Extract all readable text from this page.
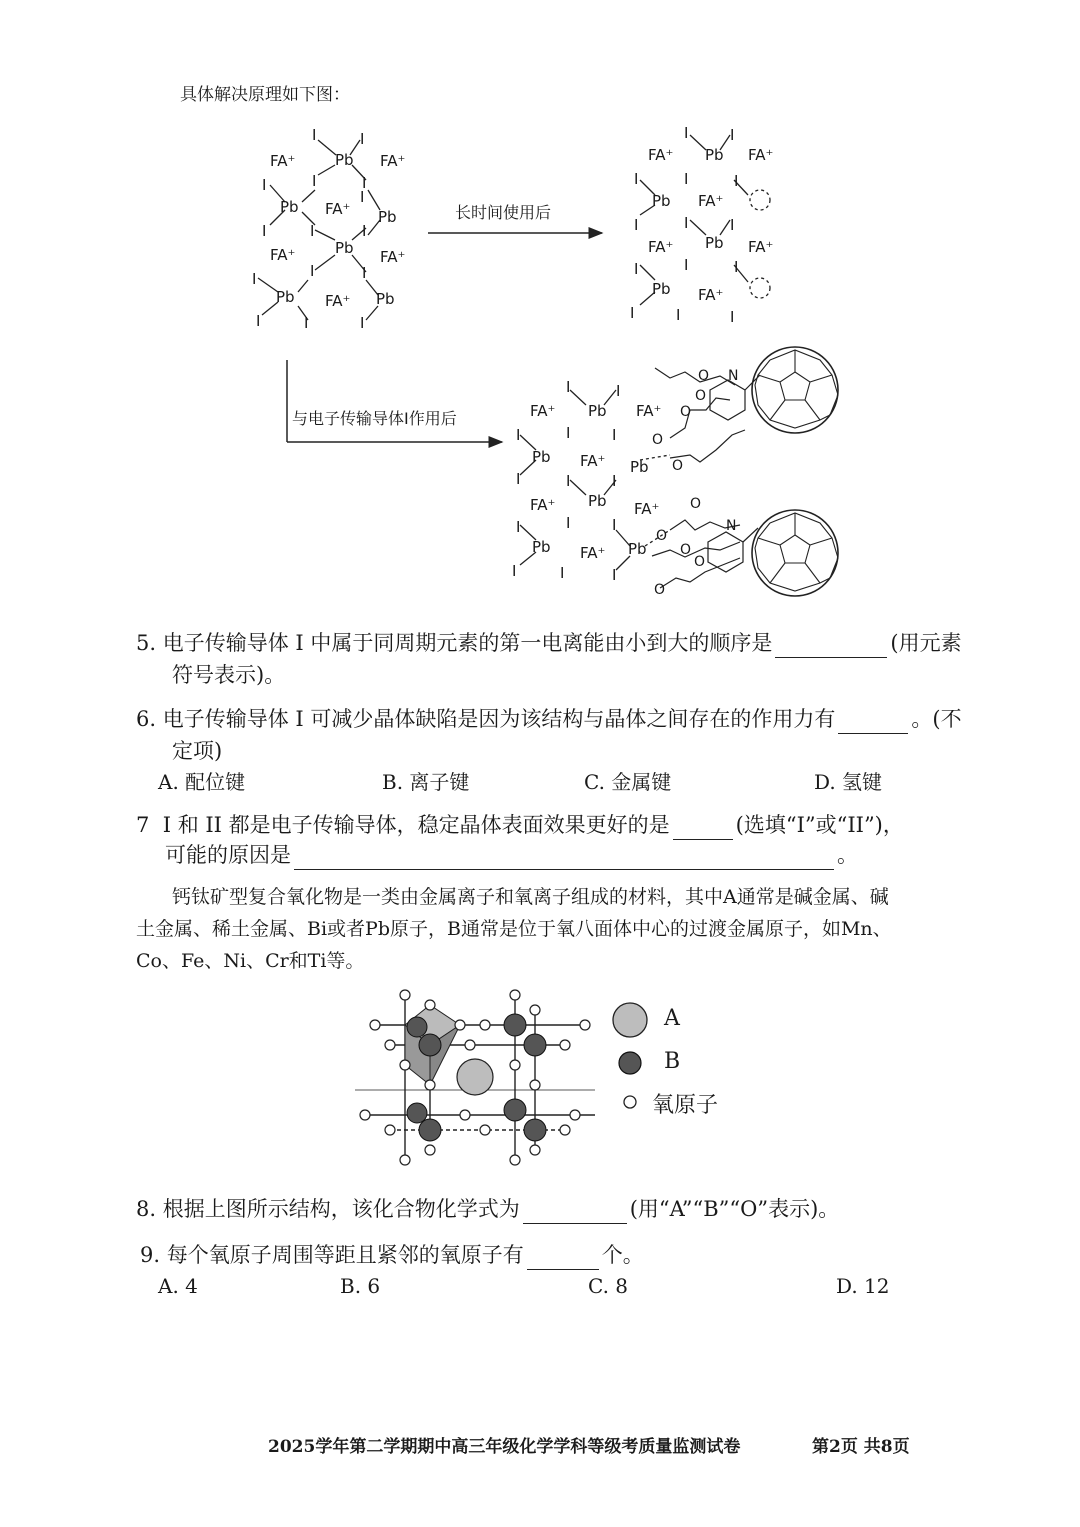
具体解决原理如下图：
I	I
Pb
FA⁺	FA⁺
I	I
I
Pb
I
FA⁺ Pb
I
I	I
Pb
FA⁺	FA⁺
I	I
I
Pb
I
FA⁺ Pb
I	I
长时间使用后
I	I
FA⁺ Pb FA⁺
I	I	I
Pb FA⁺
I	I	I
FA⁺ Pb FA⁺
I	I	I
Pb FA⁺
I	I	I
与电子传输导体I作用后
I	I
FA⁺ Pb FA⁺
I	I	I
Pb FA⁺ Pb
I	I	I
FA⁺ Pb FA⁺
I	I	I
Pb FA⁺ Pb
I	I	I
N
N
O
O
O
O
O
O
O
O
O
O
5. 电子传输导体 I 中属于同周期元素的第一电离能由小到大的顺序是	(用元素
符号表示)。
6. 电子传输导体 I 可减少晶体缺陷是因为该结构与晶体之间存在的作用力有	。(不
定项)
A. 配位键	B. 离子键	C. 金属键	D. 氢键
7 I 和 II 都是电子传输导体，稳定晶体表面效果更好的是	(选填“I”或“II”)，
可能的原因是	。
钙钛矿型复合氧化物是一类由金属离子和氧离子组成的材料，其中A通常是碱金属、碱
土金属、稀土金属、Bi或者Pb原子，B通常是位于氧八面体中心的过渡金属原子，如Mn、
Co、Fe、Ni、Cr和Ti等。
A
B
氧原子
8. 根据上图所示结构，该化合物化学式为	(用“A”“B”“O”表示)。
9. 每个氧原子周围等距且紧邻的氧原子有	个。
A. 4	B. 6	C. 8	D. 12
2025学年第二学期期中高三年级化学学科等级考质量监测试卷	第2页 共8页
